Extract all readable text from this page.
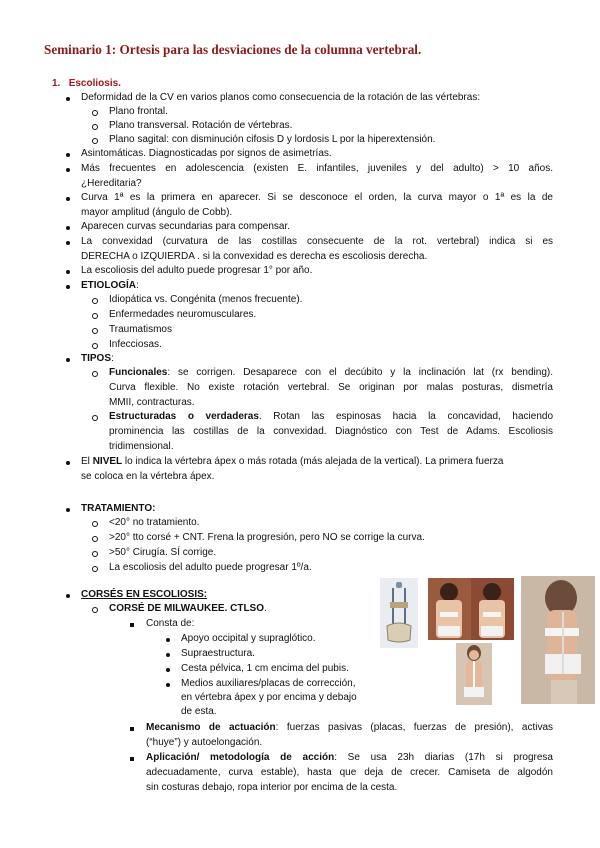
Seminario 1: Ortesis para las desviaciones de la columna vertebral.
1. Escoliosis.
Deformidad de la CV en varios planos como consecuencia de la rotación de las vértebras:
Plano frontal.
Plano transversal. Rotación de vértebras.
Plano sagital: con disminución cifosis D y lordosis L por la hiperextensión.
Asintomáticas. Diagnosticadas por signos de asimetrías.
Más frecuentes en adolescencia (existen E. infantiles, juveniles y del adulto) > 10 años.
¿Hereditaria?
Curva 1ª es la primera en aparecer. Si se desconoce el orden, la curva mayor o 1ª es la de
mayor amplitud (ángulo de Cobb).
Aparecen curvas secundarias para compensar.
La convexidad (curvatura de las costillas consecuente de la rot. vertebral) indica si es
DERECHA o IZQUIERDA . si la convexidad es derecha es escoliosis derecha.
La escoliosis del adulto puede progresar 1° por año.
ETIOLOGÍA:
Idiopática vs. Congénita (menos frecuente).
Enfermedades neuromusculares.
Traumatismos
Infecciosas.
TIPOS:
Funcionales: se corrigen. Desaparece con el decúbito y la inclinación lat (rx bending).
Curva flexible. No existe rotación vertebral. Se originan por malas posturas, dismetría
MMII, contracturas.
Estructuradas o verdaderas. Rotan las espinosas hacia la concavidad, haciendo
prominencia las costillas de la convexidad. Diagnóstico con Test de Adams. Escoliosis
tridimensional.
El NIVEL lo indica la vértebra ápex o más rotada (más alejada de la vertical). La primera fuerza
se coloca en la vértebra ápex.
TRATAMIENTO:
<20° no tratamiento.
>20° tto corsé + CNT. Frena la progresión, pero NO se corrige la curva.
>50° Cirugía. SÍ corrige.
La escoliosis del adulto puede progresar 1º/a.
CORSÉS EN ESCOLIOSIS:
CORSÉ DE MILWAUKEE. CTLSO.
Consta de:
Apoyo occipital y supraglótico.
Supraestructura.
Cesta pélvica, 1 cm encima del pubis.
Medios auxiliares/placas de corrección,
en vértebra ápex y por encima y debajo
de esta.
Mecanismo de actuación: fuerzas pasivas (placas, fuerzas de presión), activas
(“huye”) y autoelongación.
Aplicación/ metodología de acción: Se usa 23h diarias (17h si progresa
adecuadamente, curva estable), hasta que deja de crecer. Camiseta de algodón
sin costuras debajo, ropa interior por encima de la cesta.
